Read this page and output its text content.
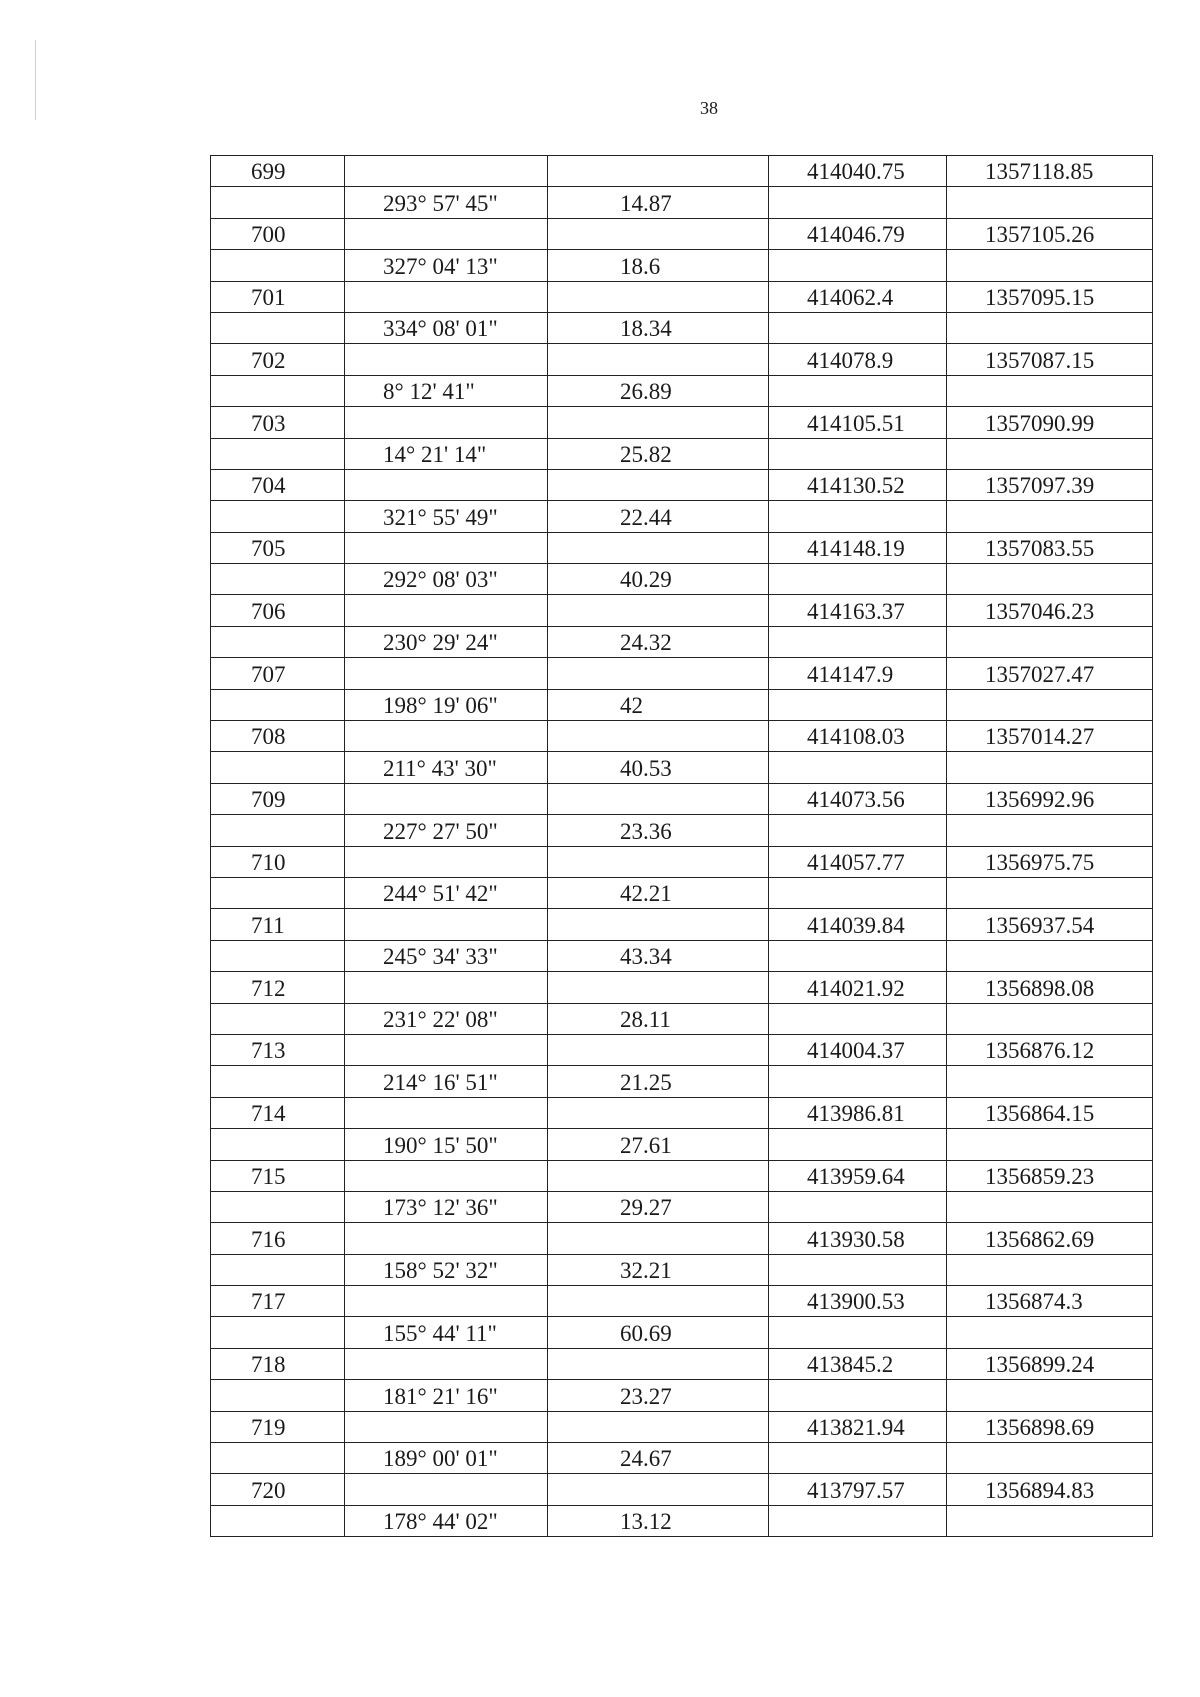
38
699			414040.75	1357118.85
	293° 57' 45"	14.87		
700			414046.79	1357105.26
	327° 04' 13"	18.6		
701			414062.4	1357095.15
	334° 08' 01"	18.34		
702			414078.9	1357087.15
	8° 12' 41"	26.89		
703			414105.51	1357090.99
	14° 21' 14"	25.82		
704			414130.52	1357097.39
	321° 55' 49"	22.44		
705			414148.19	1357083.55
	292° 08' 03"	40.29		
706			414163.37	1357046.23
	230° 29' 24"	24.32		
707			414147.9	1357027.47
	198° 19' 06"	42		
708			414108.03	1357014.27
	211° 43' 30"	40.53		
709			414073.56	1356992.96
	227° 27' 50"	23.36		
710			414057.77	1356975.75
	244° 51' 42"	42.21		
711			414039.84	1356937.54
	245° 34' 33"	43.34		
712			414021.92	1356898.08
	231° 22' 08"	28.11		
713			414004.37	1356876.12
	214° 16' 51"	21.25		
714			413986.81	1356864.15
	190° 15' 50"	27.61		
715			413959.64	1356859.23
	173° 12' 36"	29.27		
716			413930.58	1356862.69
	158° 52' 32"	32.21		
717			413900.53	1356874.3
	155° 44' 11"	60.69		
718			413845.2	1356899.24
	181° 21' 16"	23.27		
719			413821.94	1356898.69
	189° 00' 01"	24.67		
720			413797.57	1356894.83
	178° 44' 02"	13.12		
